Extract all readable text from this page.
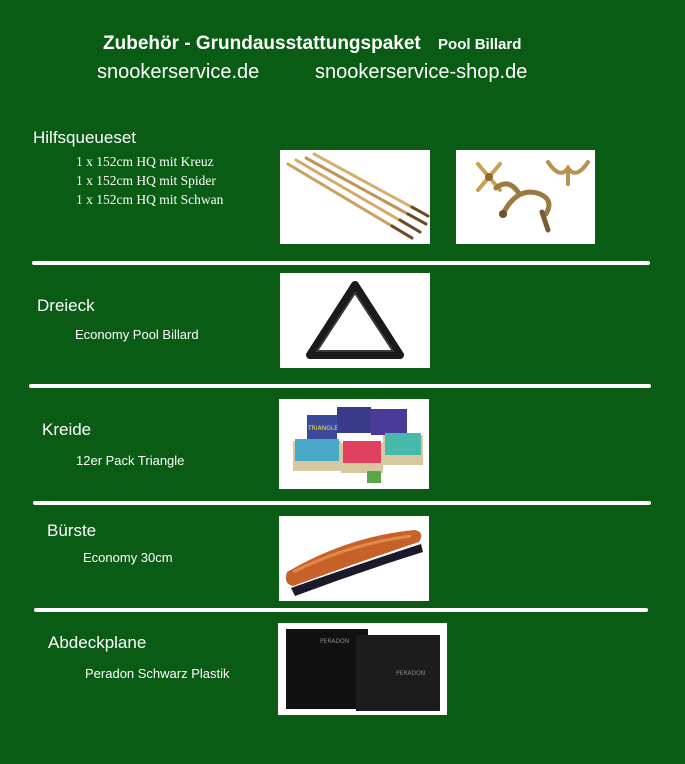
Zubehör - Grundausstattungspaket Pool Billard
snookerservice.de	snookerservice-shop.de
Hilfsqueueset
1 x 152cm HQ mit Kreuz
1 x 152cm HQ mit Spider
1 x 152cm HQ mit Schwan
Dreieck
Economy Pool Billard
Kreide
12er Pack Triangle
TRIANGLE
Bürste
Economy 30cm
Abdeckplane
Peradon Schwarz Plastik
PERADON
PERADON
